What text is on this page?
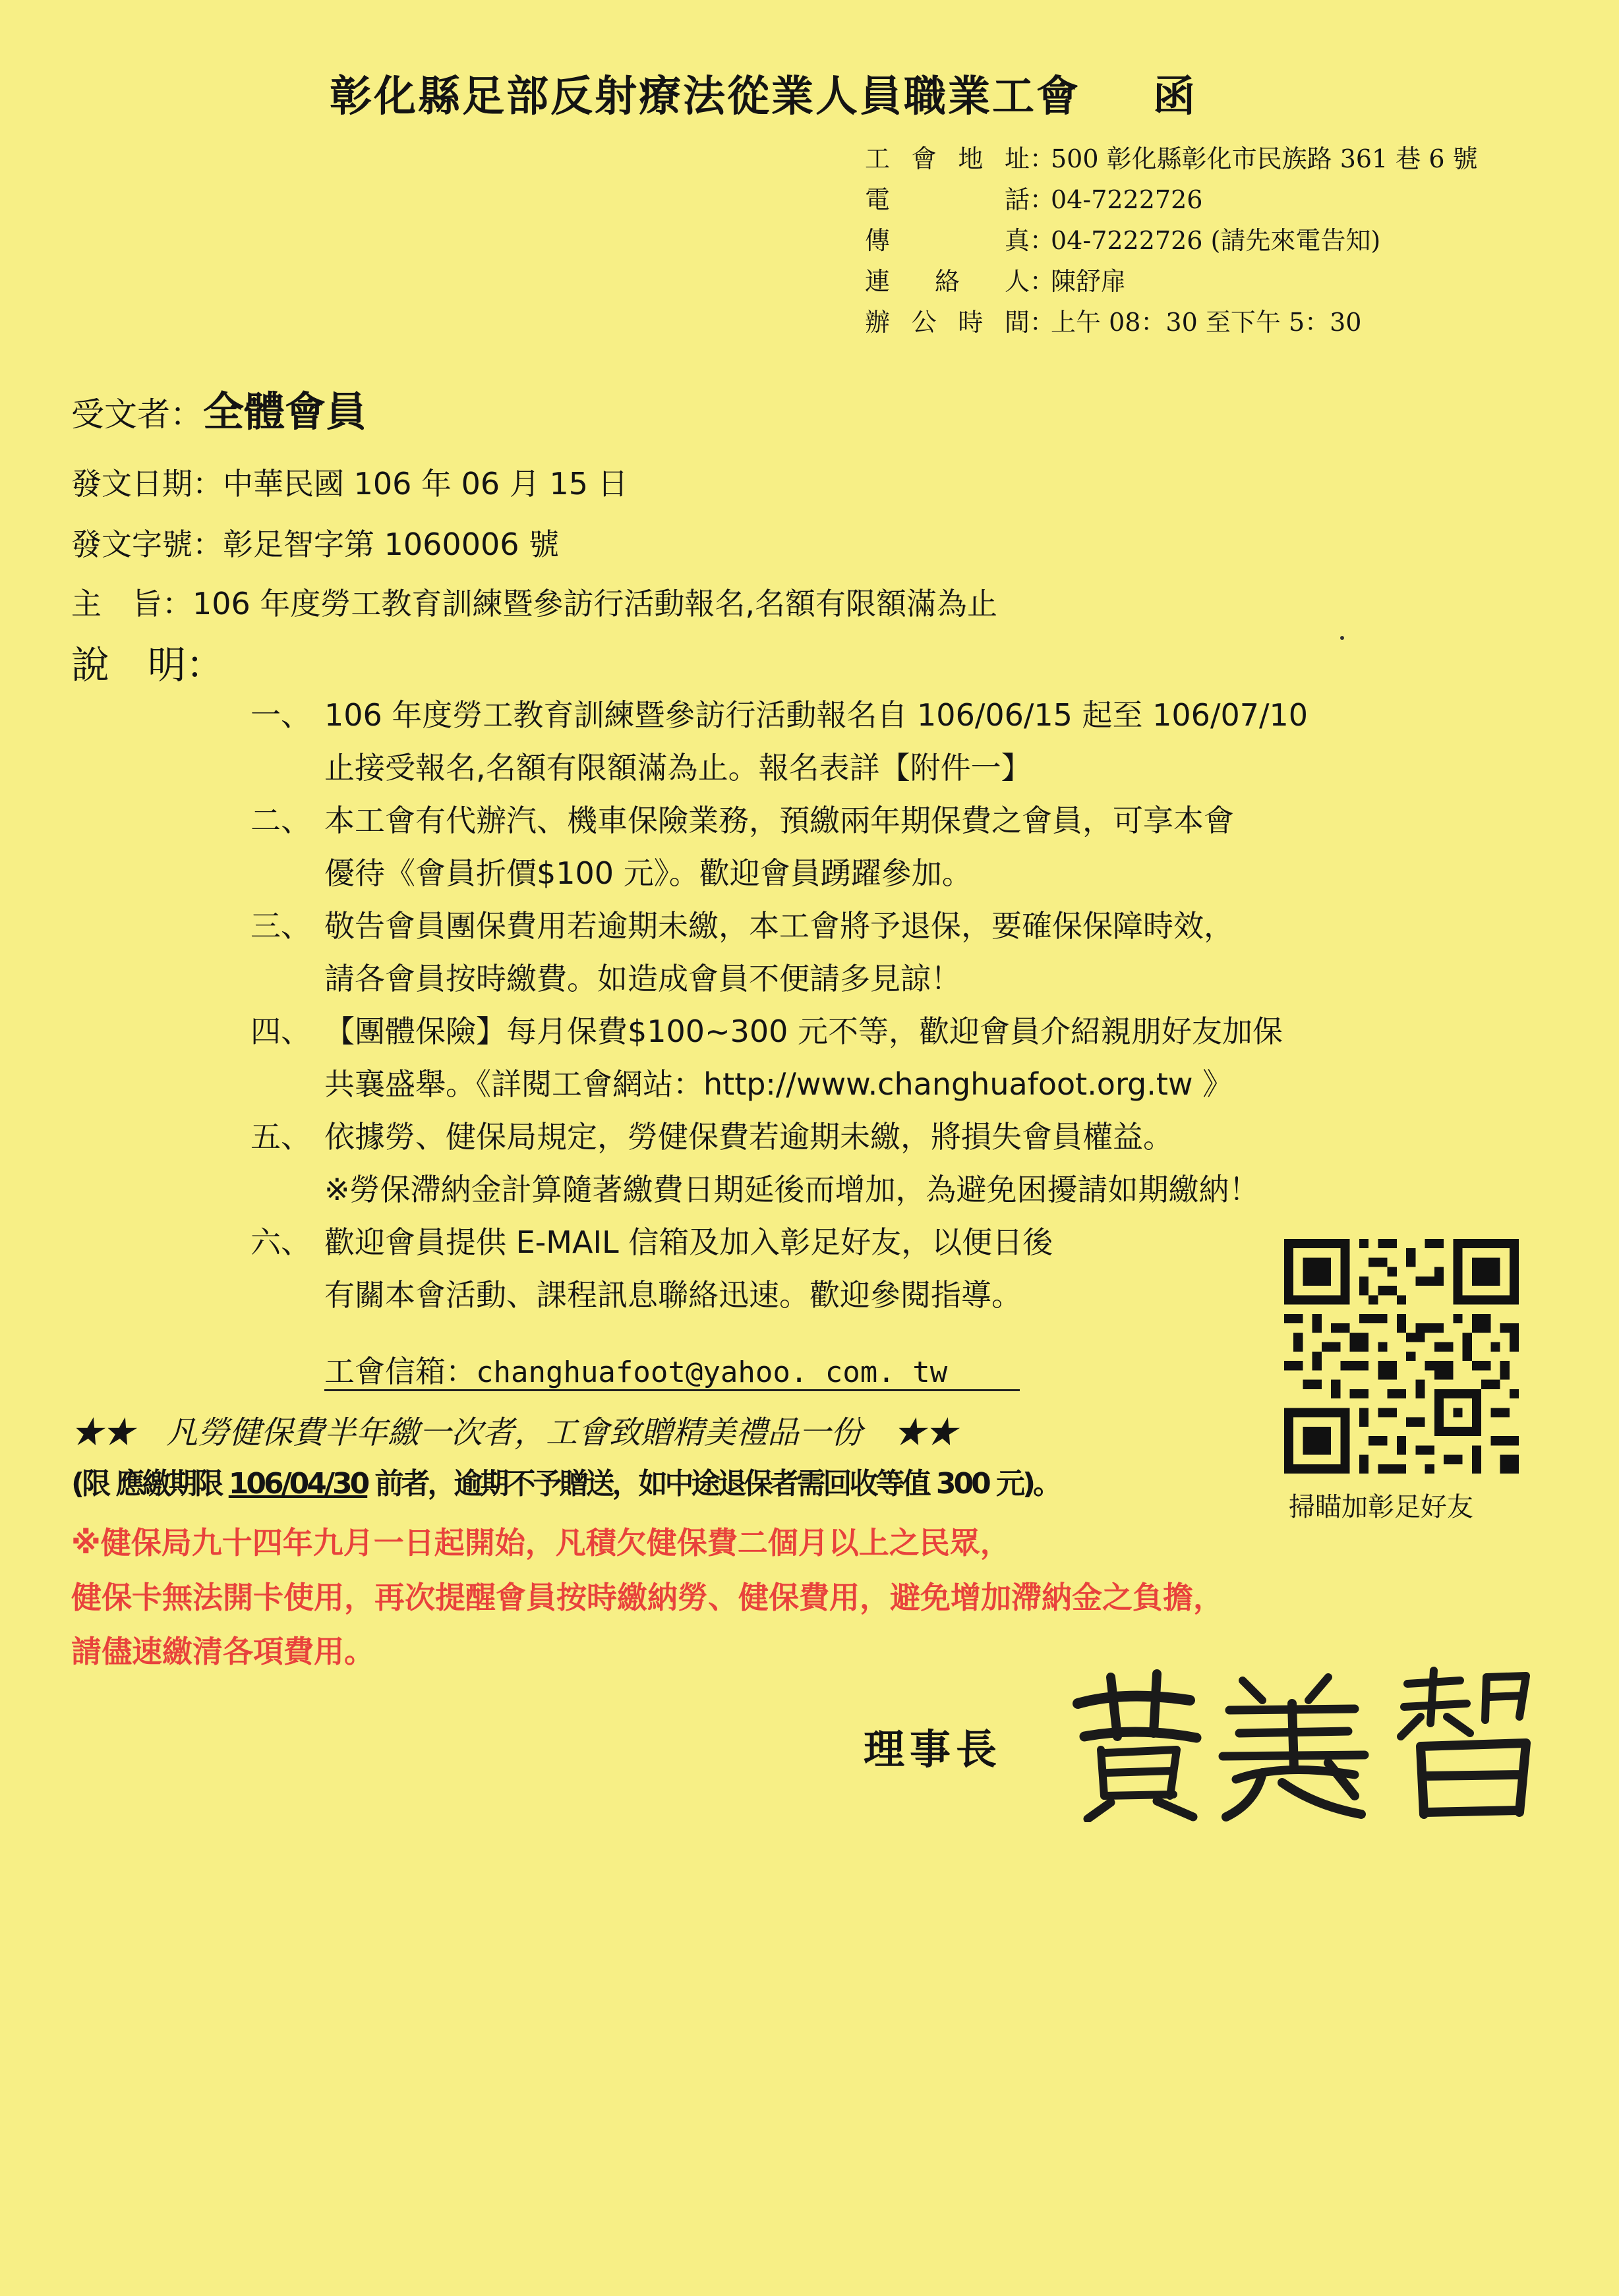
彰化縣足部反射療法從業人員職業工會 函
工會地址 ：
500 彰化縣彰化市民族路 361 巷 6 號
電　　話 ：
04-7222726
傳　　真 ：
04-7222726 (請先來電告知)
連 絡 人 ：
陳舒扉
辦公時間 ：
上午 08：30 至下午 5：30
受文者：全體會員
發文日期：中華民國 106 年 06 月 15 日
發文字號：彰足智字第 1060006 號
主　旨：106 年度勞工教育訓練暨參訪行活動報名,名額有限額滿為止
說　明：
一、 106 年度勞工教育訓練暨參訪行活動報名自 106/06/15 起至 106/07/10
止接受報名,名額有限額滿為止。報名表詳【附件一】
二、 本工會有代辦汽、機車保險業務，預繳兩年期保費之會員，可享本會
優待《會員折價$100 元》。歡迎會員踴躍參加。
三、 敬告會員團保費用若逾期未繳，本工會將予退保，要確保保障時效，
請各會員按時繳費。如造成會員不便請多見諒！
四、 【團體保險】每月保費$100~300 元不等，歡迎會員介紹親朋好友加保
共襄盛舉。《詳閱工會網站：http://www.changhuafoot.org.tw 》
五、 依據勞、健保局規定，勞健保費若逾期未繳，將損失會員權益。
※勞保滯納金計算隨著繳費日期延後而增加，為避免困擾請如期繳納！
六、 歡迎會員提供 E-MAIL 信箱及加入彰足好友，以便日後
有關本會活動、課程訊息聯絡迅速。歡迎參閱指導。
工會信箱：changhuafoot@yahoo. com. tw
★★　凡勞健保費半年繳一次者，工會致贈精美禮品一份　★★
(限 應繳期限 106/04/30 前者，逾期不予贈送，如中途退保者需回收等值 300 元)。
※健保局九十四年九月一日起開始，凡積欠健保費二個月以上之民眾，
健保卡無法開卡使用，再次提醒會員按時繳納勞、健保費用，避免增加滯納金之負擔，
請儘速繳清各項費用。
掃瞄加彰足好友
理事長
